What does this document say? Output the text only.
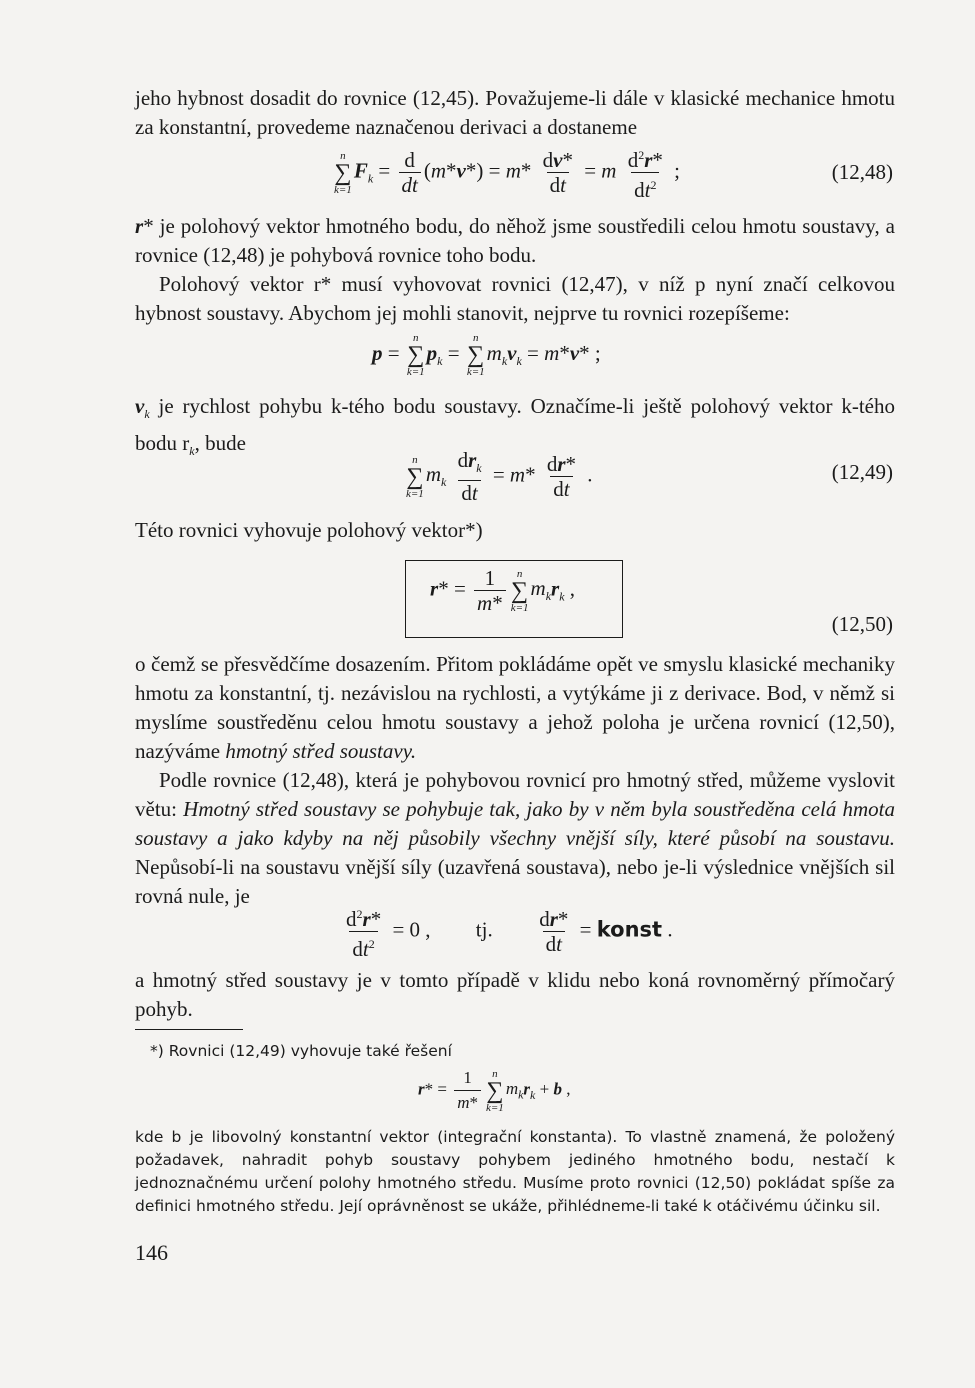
jeho hybnost dosadit do rovnice (12,45). Považujeme-li dále v klasické mechanice hmotu za konstantní, provedeme naznačenou derivaci a dostaneme

n
∑
k=1
$F_k = \frac{d}{dt} (m*v*) = m* \frac{dv*}{dt} = m \frac{d^2r*}{dt^2}$ ;	(12,48)

r* je polohový vektor hmotného bodu, do něhož jsme soustředili celou hmotu soustavy, a rovnice (12,48) je pohybová rovnice toho bodu.

Polohový vektor r* musí vyhovovat rovnici (12,47), v níž p nyní značí celkovou hybnost soustavy. Abychom jej mohli stanovit, nejprve tu rovnici rozepíšeme:

p =
n
∑
k=1
$p_k$ =
n
∑
k=1
$m_kv_k = m*v*$ ;

$v_k$ je rychlost pohybu k-tého bodu soustavy. Označíme-li ještě polohový vektor k-tého bodu $r_k$, bude

n
∑
k=1
$m_k \frac{dr_k}{dt} = m* \frac{dr*}{dt}$ .	(12,49)

Této rovnici vyhovuje polohový vektor*)

$r* = \frac{1}{m*}$ n
∑
k=1
$m_kr_k$ ,
(12,50)

o čemž se přesvědčíme dosazením. Přitom pokládáme opět ve smyslu klasické mechaniky hmotu za konstantní, tj. nezávislou na rychlosti, a vytýkáme ji z derivace. Bod, v němž si myslíme soustředěnu celou hmotu soustavy a jehož poloha je určena rovnicí (12,50), nazýváme hmotný střed soustavy.

Podle rovnice (12,48), která je pohybovou rovnicí pro hmotný střed, můžeme vyslovit větu: Hmotný střed soustavy se pohybuje tak, jako by v něm byla soustředěna celá hmota soustavy a jako kdyby na něj působily všechny vnější síly, které působí na soustavu. Nepůsobí-li na soustavu vnější síly (uzavřená soustava), nebo je-li výslednice vnějších sil rovná nule, je

$\frac{d^2r*}{dt^2} = 0$ , tj. $\frac{dr*}{dt}$ = konst .

a hmotný střed soustavy je v tomto případě v klidu nebo koná rovnoměrný přímočarý pohyb.

*) Rovnici (12,49) vyhovuje také řešení
$r* = \frac{1}{m*}$ n
∑
k=1
$m_kr_k + b$ ,
kde b je libovolný konstantní vektor (integrační konstanta). To vlastně znamená, že položený požadavek, nahradit pohyb soustavy pohybem jediného hmotného bodu, nestačí k jednoznačnému určení polohy hmotného středu. Musíme proto rovnici (12,50) pokládat spíše za definici hmotného středu. Její oprávněnost se ukáže, přihlédneme-li také k otáčivému účinku sil.
146
